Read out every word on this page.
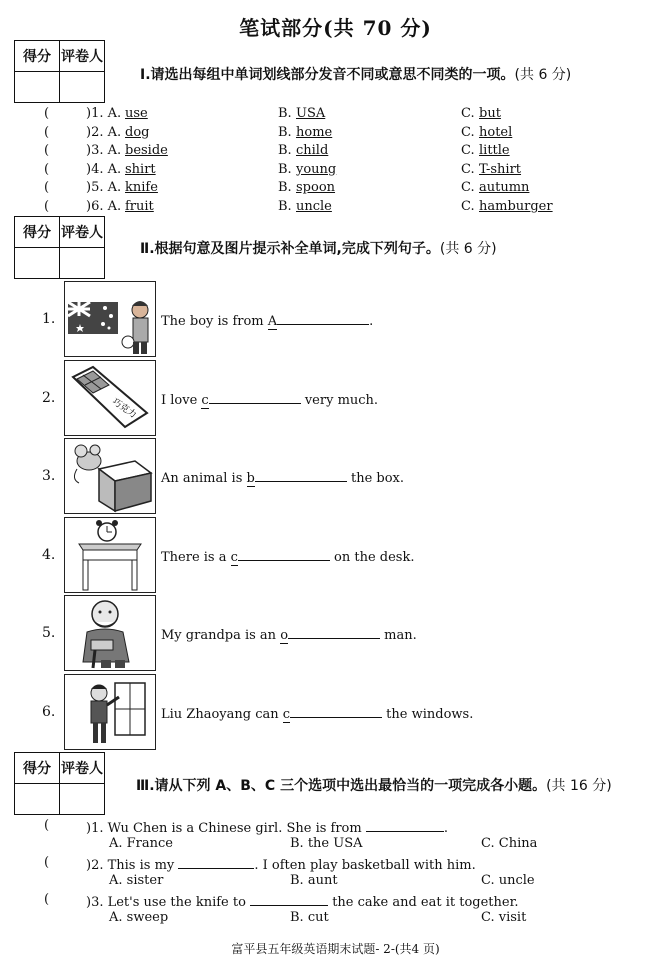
笔试部分(共 70 分)
得分	评卷人

Ⅰ.请选出每组中单词划线部分发音不同或意思不同类的一项。(共 6 分)
(	)1. A. use	B. USA	C. but
(	)2. A. dog	B. home	C. hotel
(	)3. A. beside	B. child	C. little
(	)4. A. shirt	B. young	C. T-shirt
(	)5. A. knife	B. spoon	C. autumn
(	)6. A. fruit	B. uncle	C. hamburger
得分	评卷人

Ⅱ.根据句意及图片提示补全单词,完成下列句子。(共 6 分)
巧克力
1.	The boy is from A	.
2.	I love c	very much.
3.	An animal is b	the box.
4.	There is a c	on the desk.
5.	My grandpa is an o	man.
6.	Liu Zhaoyang can c	the windows.
得分	评卷人

Ⅲ.请从下列 A、B、C 三个选项中选出最恰当的一项完成各小题。(共 16 分)
(	)1. Wu Chen is a Chinese girl. She is from	.
A. France	B. the USA	C. China
(	)2. This is my	. I often play basketball with him.
A. sister	B. aunt	C. uncle
(	)3. Let's use the knife to	the cake and eat it together.
A. sweep	B. cut	C. visit
富平县五年级英语期末试题- 2-(共4 页)
